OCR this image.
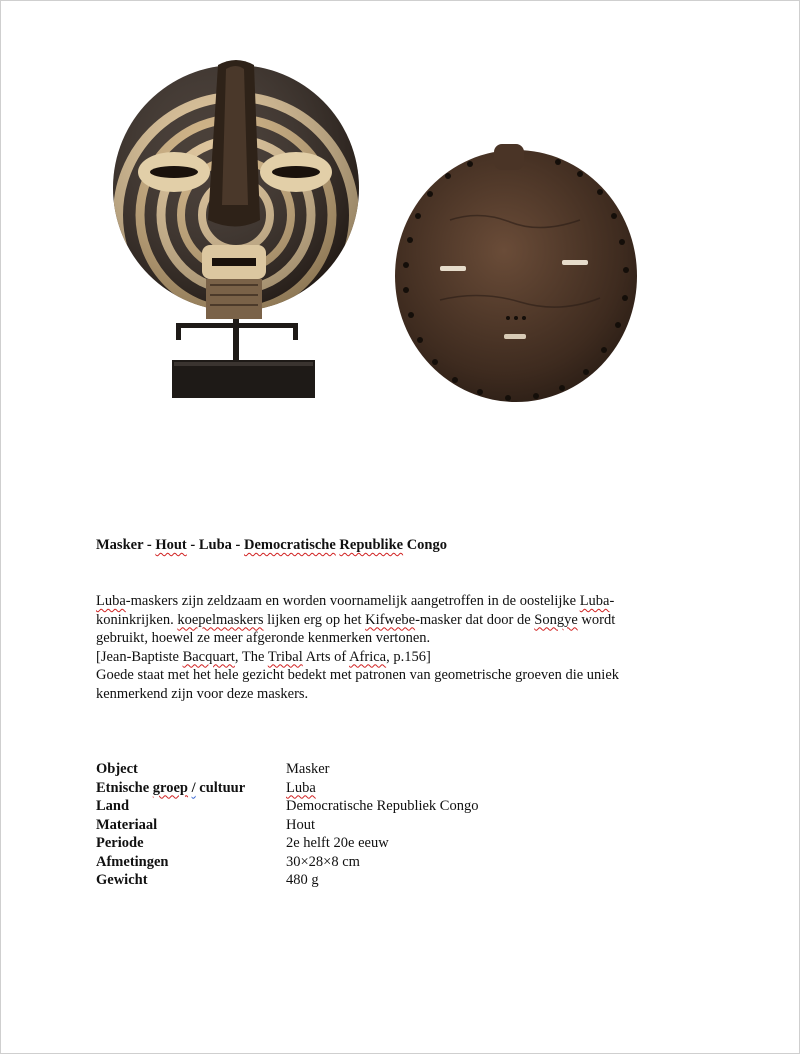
Masker - Hout - Luba - Democratische Republike Congo
Luba-maskers zijn zeldzaam en worden voornamelijk aangetroffen in de oostelijke Luba-
koninkrijken. koepelmaskers lijken erg op het Kifwebe-masker dat door de Songye wordt
gebruikt, hoewel ze meer afgeronde kenmerken vertonen.
[Jean-Baptiste Bacquart, The Tribal Arts of Africa, p.156]
Goede staat met het hele gezicht bedekt met patronen van geometrische groeven die uniek
kenmerkend zijn voor deze maskers.
Object	Masker
Etnische groep / cultuur	Luba
Land	Democratische Republiek Congo
Materiaal	Hout
Periode	2e helft 20e eeuw
Afmetingen	30×28×8 cm
Gewicht	480 g
